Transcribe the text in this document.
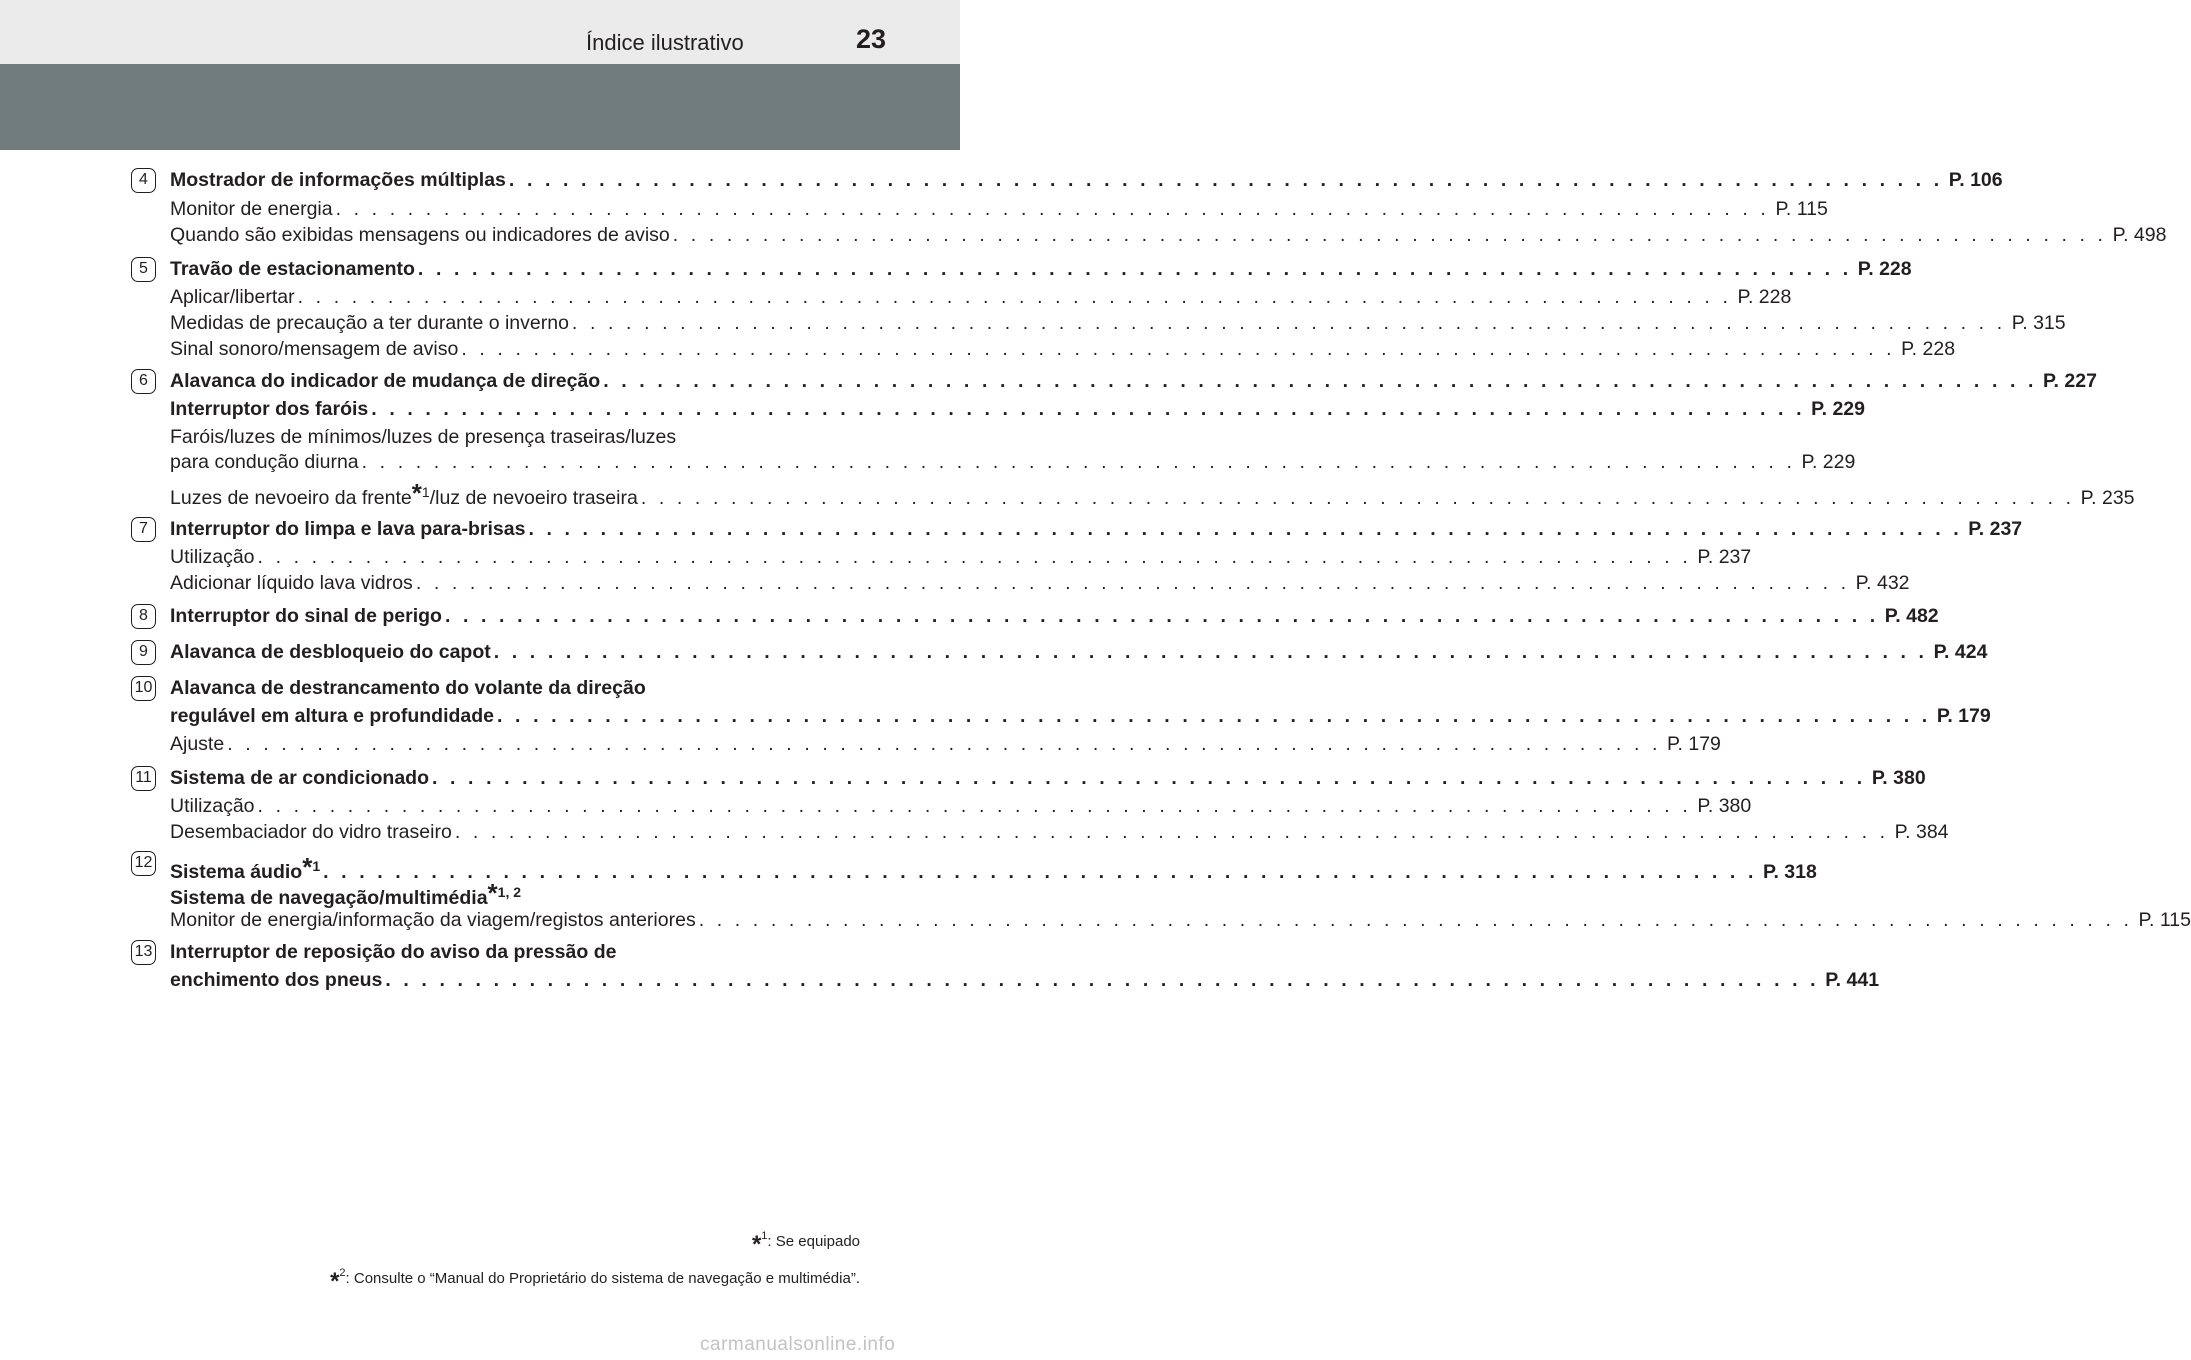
Índice ilustrativo	23
4	Mostrador de informações múltiplas . . . . . . . . . . . . . . . . . . . . . . . . . . . . . . . . . . . . . . . . . . . . . . . . . . . . . . . . . . . . . . . . . . . . . . . . . . . . . . . . P. 106
Monitor de energia . . . . . . . . . . . . . . . . . . . . . . . . . . . . . . . . . . . . . . . . . . . . . . . . . . . . . . . . . . . . . . . . . . . . . . . . . . . . . . . . P. 115
Quando são exibidas mensagens ou indicadores de aviso . . . . . . . . . . . . . . . . . . . . . . . . . . . . . . . . . . . . . . . . . . . . . . . . . . . . . . . . . . . . . . . . . . . . . . . . . . . . . . . . P. 498
5	Travão de estacionamento . . . . . . . . . . . . . . . . . . . . . . . . . . . . . . . . . . . . . . . . . . . . . . . . . . . . . . . . . . . . . . . . . . . . . . . . . . . . . . . . P. 228
Aplicar/libertar . . . . . . . . . . . . . . . . . . . . . . . . . . . . . . . . . . . . . . . . . . . . . . . . . . . . . . . . . . . . . . . . . . . . . . . . . . . . . . . . P. 228
Medidas de precaução a ter durante o inverno . . . . . . . . . . . . . . . . . . . . . . . . . . . . . . . . . . . . . . . . . . . . . . . . . . . . . . . . . . . . . . . . . . . . . . . . . . . . . . . . P. 315
Sinal sonoro/mensagem de aviso . . . . . . . . . . . . . . . . . . . . . . . . . . . . . . . . . . . . . . . . . . . . . . . . . . . . . . . . . . . . . . . . . . . . . . . . . . . . . . . . P. 228
6	Alavanca do indicador de mudança de direção . . . . . . . . . . . . . . . . . . . . . . . . . . . . . . . . . . . . . . . . . . . . . . . . . . . . . . . . . . . . . . . . . . . . . . . . . . . . . . . . P. 227
Interruptor dos faróis . . . . . . . . . . . . . . . . . . . . . . . . . . . . . . . . . . . . . . . . . . . . . . . . . . . . . . . . . . . . . . . . . . . . . . . . . . . . . . . . P. 229
Faróis/luzes de mínimos/luzes de presença traseiras/luzes
para condução diurna . . . . . . . . . . . . . . . . . . . . . . . . . . . . . . . . . . . . . . . . . . . . . . . . . . . . . . . . . . . . . . . . . . . . . . . . . . . . . . . . P. 229
Luzes de nevoeiro da frente$^{*1}$/luz de nevoeiro traseira . . . . . . . . . . . . . . . . . . . . . . . . . . . . . . . . . . . . . . . . . . . . . . . . . . . . . . . . . . . . . . . . . . . . . . . . . . . . . . . . P. 235
7	Interruptor do limpa e lava para-brisas . . . . . . . . . . . . . . . . . . . . . . . . . . . . . . . . . . . . . . . . . . . . . . . . . . . . . . . . . . . . . . . . . . . . . . . . . . . . . . . . P. 237
Utilização . . . . . . . . . . . . . . . . . . . . . . . . . . . . . . . . . . . . . . . . . . . . . . . . . . . . . . . . . . . . . . . . . . . . . . . . . . . . . . . . P. 237
Adicionar líquido lava vidros . . . . . . . . . . . . . . . . . . . . . . . . . . . . . . . . . . . . . . . . . . . . . . . . . . . . . . . . . . . . . . . . . . . . . . . . . . . . . . . . P. 432
8	Interruptor do sinal de perigo . . . . . . . . . . . . . . . . . . . . . . . . . . . . . . . . . . . . . . . . . . . . . . . . . . . . . . . . . . . . . . . . . . . . . . . . . . . . . . . . P. 482
9	Alavanca de desbloqueio do capot . . . . . . . . . . . . . . . . . . . . . . . . . . . . . . . . . . . . . . . . . . . . . . . . . . . . . . . . . . . . . . . . . . . . . . . . . . . . . . . . P. 424
10 Alavanca de destrancamento do volante da direção
regulável em altura e profundidade . . . . . . . . . . . . . . . . . . . . . . . . . . . . . . . . . . . . . . . . . . . . . . . . . . . . . . . . . . . . . . . . . . . . . . . . . . . . . . . . P. 179
Ajuste . . . . . . . . . . . . . . . . . . . . . . . . . . . . . . . . . . . . . . . . . . . . . . . . . . . . . . . . . . . . . . . . . . . . . . . . . . . . . . . . P. 179
11 Sistema de ar condicionado . . . . . . . . . . . . . . . . . . . . . . . . . . . . . . . . . . . . . . . . . . . . . . . . . . . . . . . . . . . . . . . . . . . . . . . . . . . . . . . . P. 380
Utilização . . . . . . . . . . . . . . . . . . . . . . . . . . . . . . . . . . . . . . . . . . . . . . . . . . . . . . . . . . . . . . . . . . . . . . . . . . . . . . . . P. 380
Desembaciador do vidro traseiro . . . . . . . . . . . . . . . . . . . . . . . . . . . . . . . . . . . . . . . . . . . . . . . . . . . . . . . . . . . . . . . . . . . . . . . . . . . . . . . . P. 384
12 Sistema áudio$^{*1}$ . . . . . . . . . . . . . . . . . . . . . . . . . . . . . . . . . . . . . . . . . . . . . . . . . . . . . . . . . . . . . . . . . . . . . . . . . . . . . . . . P. 318
Sistema de navegação/multimédia$^{*1, 2}$
Monitor de energia/informação da viagem/registos anteriores . . . . . . . . . . . . . . . . . . . . . . . . . . . . . . . . . . . . . . . . . . . . . . . . . . . . . . . . . . . . . . . . . . . . . . . . . . . . . . . . P. 115
13 Interruptor de reposição do aviso da pressão de
enchimento dos pneus . . . . . . . . . . . . . . . . . . . . . . . . . . . . . . . . . . . . . . . . . . . . . . . . . . . . . . . . . . . . . . . . . . . . . . . . . . . . . . . . P. 441
*$^1$: Se equipado
*$^2$: Consulte o “Manual do Proprietário do sistema de navegação e multimédia”.
carmanualsonline.info
